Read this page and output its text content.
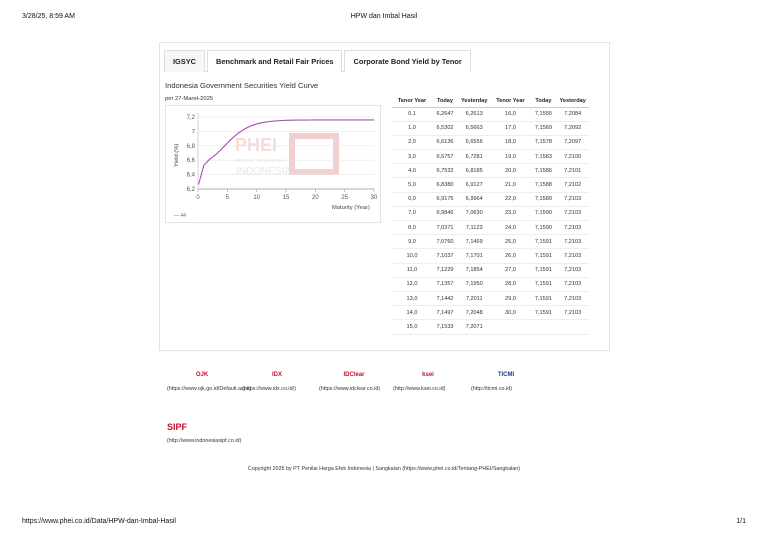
3/28/25, 8:59 AM	HPW dan Imbal Hasil
IGSYC	Benchmark and Retail Fair Prices	Corporate Bond Yield by Tenor
Indonesia Government Securities Yield Curve
per 27-Maret-2025
PHEI
PENILAI HARGA EFEK
INDONESIA
6,2
6,4
6,6
6,8
7
7,2
0	5	10	15	20	25	30
Maturity (Year)
Yield (%)
— 44
Tenor Year	Today	Yesterday	Tenor Year	Today	Yesterday
0,1	6,2647	6,2613	16,0	7,1555	7,2084
1,0	6,5302	6,5663	17,0	7,1569	7,2092
2,0	6,6136	6,6556	18,0	7,1578	7,2097
3,0	6,6757	6,7281	19,0	7,1583	7,2100
4,0	6,7532	6,8185	20,0	7,1586	7,2101
5,0	6,8380	6,9127	21,0	7,1588	7,2102
6,0	6,9175	6,9964	22,0	7,1589	7,2103
7,0	6,9846	7,0630	23,0	7,1590	7,2103
8,0	7,0371	7,1123	24,0	7,1590	7,2103
9,0	7,0760	7,1469	25,0	7,1591	7,2103
10,0	7,1037	7,1701	26,0	7,1591	7,2103
11,0	7,1229	7,1854	27,0	7,1591	7,2103
12,0	7,1357	7,1950	28,0	7,1591	7,2103
13,0	7,1442	7,2011	29,0	7,1591	7,2103
14,0	7,1497	7,2048	30,0	7,1591	7,2103
15,0	7,1533	7,2071			
OJK
(https://www.ojk.go.id/Default.aspx)
IDX
(https://www.idx.co.id/)
IDClear
(https://www.idclear.co.id)
ksei
(http://www.ksei.co.id)
TICMI
(http://ticmi.co.id)
SIPF
(http://www.indonesiasipf.co.id)
Copyright 2025 by PT Penilai Harga Efek Indonesia | Sangkalan (https://www.phei.co.id/Tentang-PHEI/Sangkalan)
https://www.phei.co.id/Data/HPW-dan-Imbal-Hasil	1/1
